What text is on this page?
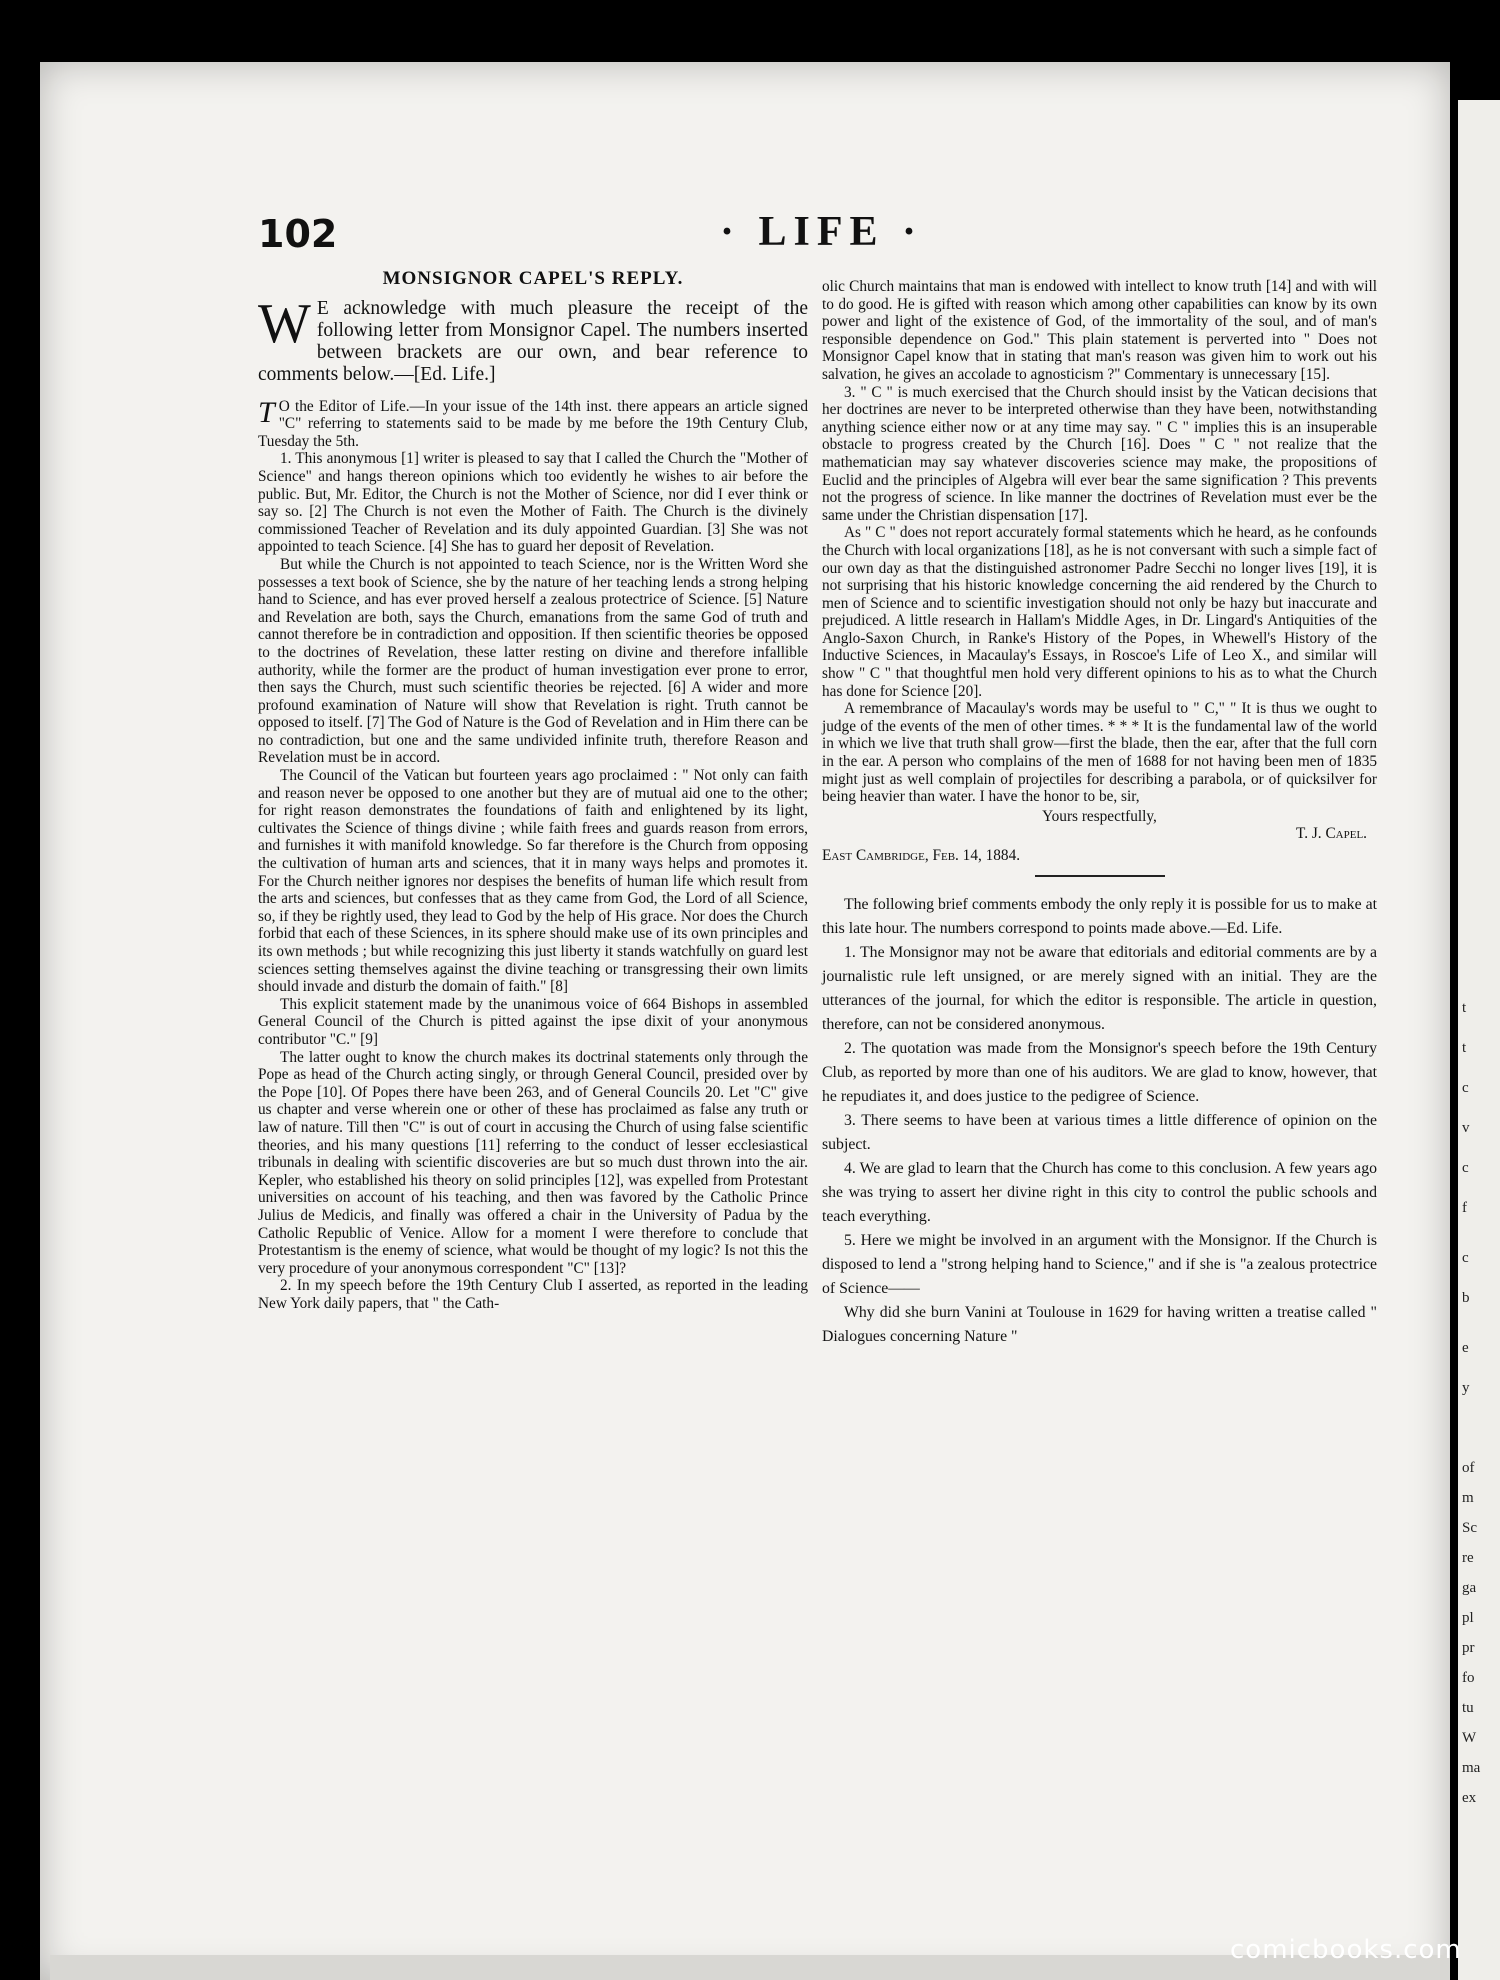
t
t
c
v
c
f
c
b
e
y
of
m
Sc
re
ga
pl
pr
fo
tu
W
ma
ex
102	· LIFE ·
MONSIGNOR CAPEL'S REPLY.
W E acknowledge with much pleasure the receipt of the following letter from Monsignor Capel. The numbers inserted between brackets are our own, and bear reference to comments below.—[Ed. Life.]

T O the Editor of Life.—In your issue of the 14th inst. there appears an article signed "C" referring to statements said to be made by me before the 19th Century Club, Tuesday the 5th.

1. This anonymous [1] writer is pleased to say that I called the Church the "Mother of Science" and hangs thereon opinions which too evidently he wishes to air before the public. But, Mr. Editor, the Church is not the Mother of Science, nor did I ever think or say so. [2] The Church is not even the Mother of Faith. The Church is the divinely commissioned Teacher of Revelation and its duly appointed Guardian. [3] She was not appointed to teach Science. [4] She has to guard her deposit of Revelation.

But while the Church is not appointed to teach Science, nor is the Written Word she possesses a text book of Science, she by the nature of her teaching lends a strong helping hand to Science, and has ever proved herself a zealous protectrice of Science. [5] Nature and Revelation are both, says the Church, emanations from the same God of truth and cannot therefore be in contradiction and opposition. If then scientific theories be opposed to the doctrines of Revelation, these latter resting on divine and therefore infallible authority, while the former are the product of human investigation ever prone to error, then says the Church, must such scientific theories be rejected. [6] A wider and more profound examination of Nature will show that Revelation is right. Truth cannot be opposed to itself. [7] The God of Nature is the God of Revelation and in Him there can be no contradiction, but one and the same undivided infinite truth, therefore Reason and Revelation must be in accord.

The Council of the Vatican but fourteen years ago proclaimed : " Not only can faith and reason never be opposed to one another but they are of mutual aid one to the other; for right reason demonstrates the foundations of faith and enlightened by its light, cultivates the Science of things divine ; while faith frees and guards reason from errors, and furnishes it with manifold knowledge. So far therefore is the Church from opposing the cultivation of human arts and sciences, that it in many ways helps and promotes it. For the Church neither ignores nor despises the benefits of human life which result from the arts and sciences, but confesses that as they came from God, the Lord of all Science, so, if they be rightly used, they lead to God by the help of His grace. Nor does the Church forbid that each of these Sciences, in its sphere should make use of its own principles and its own methods ; but while recognizing this just liberty it stands watchfully on guard lest sciences setting themselves against the divine teaching or transgressing their own limits should invade and disturb the domain of faith." [8]

This explicit statement made by the unanimous voice of 664 Bishops in assembled General Council of the Church is pitted against the ipse dixit of your anonymous contributor "C." [9]

The latter ought to know the church makes its doctrinal statements only through the Pope as head of the Church acting singly, or through General Council, presided over by the Pope [10]. Of Popes there have been 263, and of General Councils 20. Let "C" give us chapter and verse wherein one or other of these has proclaimed as false any truth or law of nature. Till then "C" is out of court in accusing the Church of using false scientific theories, and his many questions [11] referring to the conduct of lesser ecclesiastical tribunals in dealing with scientific discoveries are but so much dust thrown into the air. Kepler, who established his theory on solid principles [12], was expelled from Protestant universities on account of his teaching, and then was favored by the Catholic Prince Julius de Medicis, and finally was offered a chair in the University of Padua by the Catholic Republic of Venice. Allow for a moment I were therefore to conclude that Protestantism is the enemy of science, what would be thought of my logic? Is not this the very procedure of your anonymous correspondent "C" [13]?

2. In my speech before the 19th Century Club I asserted, as reported in the leading New York daily papers, that " the Cath-

olic Church maintains that man is endowed with intellect to know truth [14] and with will to do good. He is gifted with reason which among other capabilities can know by its own power and light of the existence of God, of the immortality of the soul, and of man's responsible dependence on God." This plain statement is perverted into " Does not Monsignor Capel know that in stating that man's reason was given him to work out his salvation, he gives an accolade to agnosticism ?" Commentary is unnecessary [15].

3. " C " is much exercised that the Church should insist by the Vatican decisions that her doctrines are never to be interpreted otherwise than they have been, notwithstanding anything science either now or at any time may say. " C " implies this is an insuperable obstacle to progress created by the Church [16]. Does " C " not realize that the mathematician may say whatever discoveries science may make, the propositions of Euclid and the principles of Algebra will ever bear the same signification ? This prevents not the progress of science. In like manner the doctrines of Revelation must ever be the same under the Christian dispensation [17].

As " C " does not report accurately formal statements which he heard, as he confounds the Church with local organizations [18], as he is not conversant with such a simple fact of our own day as that the distinguished astronomer Padre Secchi no longer lives [19], it is not surprising that his historic knowledge concerning the aid rendered by the Church to men of Science and to scientific investigation should not only be hazy but inaccurate and prejudiced. A little research in Hallam's Middle Ages, in Dr. Lingard's Antiquities of the Anglo-Saxon Church, in Ranke's History of the Popes, in Whewell's History of the Inductive Sciences, in Macaulay's Essays, in Roscoe's Life of Leo X., and similar will show " C " that thoughtful men hold very different opinions to his as to what the Church has done for Science [20].

A remembrance of Macaulay's words may be useful to " C," " It is thus we ought to judge of the events of the men of other times. * * * It is the fundamental law of the world in which we live that truth shall grow—first the blade, then the ear, after that the full corn in the ear. A person who complains of the men of 1688 for not having been men of 1835 might just as well complain of projectiles for describing a parabola, or of quicksilver for being heavier than water. I have the honor to be, sir,

Yours respectfully,
T. J. Capel.
East Cambridge, Feb. 14, 1884.

The following brief comments embody the only reply it is possible for us to make at this late hour. The numbers correspond to points made above.—Ed. Life.

1. The Monsignor may not be aware that editorials and editorial comments are by a journalistic rule left unsigned, or are merely signed with an initial. They are the utterances of the journal, for which the editor is responsible. The article in question, therefore, can not be considered anonymous.

2. The quotation was made from the Monsignor's speech before the 19th Century Club, as reported by more than one of his auditors. We are glad to know, however, that he repudiates it, and does justice to the pedigree of Science.

3. There seems to have been at various times a little difference of opinion on the subject.

4. We are glad to learn that the Church has come to this conclusion. A few years ago she was trying to assert her divine right in this city to control the public schools and teach everything.

5. Here we might be involved in an argument with the Monsignor. If the Church is disposed to lend a "strong helping hand to Science," and if she is "a zealous protectrice of Science——

Why did she burn Vanini at Toulouse in 1629 for having written a treatise called " Dialogues concerning Nature "

comicbooks.com
